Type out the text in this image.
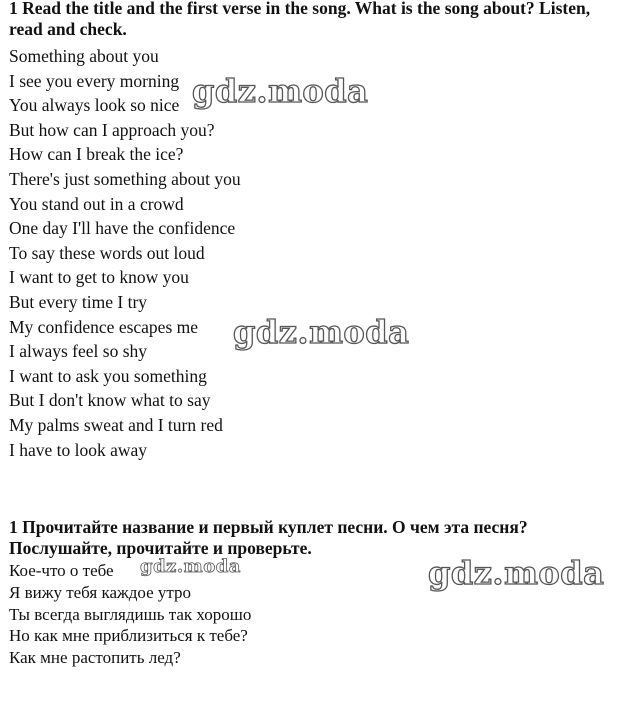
1 Read the title and the first verse in the song. What is the song about? Listen,
read and check.
Something about you
I see you every morning
You always look so nice
But how can I approach you?
How can I break the ice?
There's just something about you
You stand out in a crowd
One day I'll have the confidence
To say these words out loud
I want to get to know you
But every time I try
My confidence escapes me
I always feel so shy
I want to ask you something
But I don't know what to say
My palms sweat and I turn red
I have to look away
1 Прочитайте название и первый куплет песни. О чем эта песня?
Послушайте, прочитайте и проверьте.
Кое-что о тебе
Я вижу тебя каждое утро
Ты всегда выглядишь так хорошо
Но как мне приблизиться к тебе?
Как мне растопить лед?
gdz.moda
gdz.moda
gdz.moda	gdz.moda
